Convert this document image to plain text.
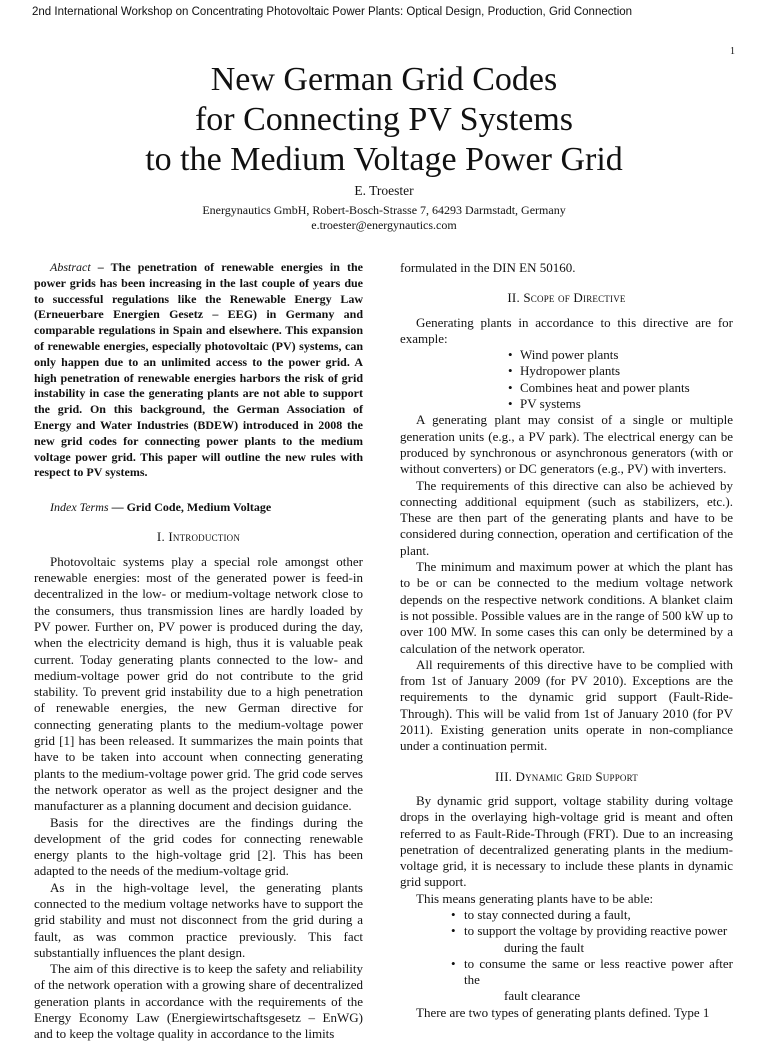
2nd International Workshop on Concentrating Photovoltaic Power Plants: Optical Design, Production, Grid Connection
1
New German Grid Codes
for Connecting PV Systems
to the Medium Voltage Power Grid
E. Troester
Energynautics GmbH, Robert-Bosch-Strasse 7, 64293 Darmstadt, Germany
e.troester@energynautics.com

Abstract – The penetration of renewable energies in the power grids has been increasing in the last couple of years due to successful regulations like the Renewable Energy Law (Erneuerbare Energien Gesetz – EEG) in Germany and comparable regulations in Spain and elsewhere. This expansion of renewable energies, especially photovoltaic (PV) systems, can only happen due to an unlimited access to the power grid. A high penetration of renewable energies harbors the risk of grid instability in case the generating plants are not able to support the grid. On this background, the German Association of Energy and Water Industries (BDEW) introduced in 2008 the new grid codes for connecting power plants to the medium voltage power grid. This paper will outline the new rules with respect to PV systems.

Index Terms — Grid Code, Medium Voltage

I. Introduction

Photovoltaic systems play a special role amongst other renewable energies: most of the generated power is feed-in decentralized in the low- or medium-voltage network close to the consumers, thus transmission lines are hardly loaded by PV power. Further on, PV power is produced during the day, when the electricity demand is high, thus it is valuable peak current. Today generating plants connected to the low- and medium-voltage power grid do not contribute to the grid stability. To prevent grid instability due to a high penetration of renewable energies, the new German directive for connecting generating plants to the medium-voltage power grid [1] has been released. It summarizes the main points that have to be taken into account when connecting generating plants to the medium-voltage power grid. The grid code serves the network operator as well as the project designer and the manufacturer as a planning document and decision guidance.

Basis for the directives are the findings during the development of the grid codes for connecting renewable energy plants to the high-voltage grid [2]. This has been adapted to the needs of the medium-voltage grid.

As in the high-voltage level, the generating plants connected to the medium voltage networks have to support the grid stability and must not disconnect from the grid during a fault, as was common practice previously. This fact substantially influences the plant design.

The aim of this directive is to keep the safety and reliability of the network operation with a growing share of decentralized generation plants in accordance with the requirements of the Energy Economy Law (Energiewirtschaftsgesetz – EnWG) and to keep the voltage quality in accordance to the limits

formulated in the DIN EN 50160.

II. Scope of Directive

Generating plants in accordance to this directive are for example:

• Wind power plants
• Hydropower plants
• Combines heat and power plants
• PV systems

A generating plant may consist of a single or multiple generation units (e.g., a PV park). The electrical energy can be produced by synchronous or asynchronous generators (with or without converters) or DC generators (e.g., PV) with inverters.

The requirements of this directive can also be achieved by connecting additional equipment (such as stabilizers, etc.). These are then part of the generating plants and have to be considered during connection, operation and certification of the plant.

The minimum and maximum power at which the plant has to be or can be connected to the medium voltage network depends on the respective network conditions. A blanket claim is not possible. Possible values are in the range of 500 kW up to over 100 MW. In some cases this can only be determined by a calculation of the network operator.

All requirements of this directive have to be complied with from 1st of January 2009 (for PV 2010). Exceptions are the requirements to the dynamic grid support (Fault-Ride-Through). This will be valid from 1st of January 2010 (for PV 2011). Existing generation units operate in non-compliance under a continuation permit.

III. Dynamic Grid Support

By dynamic grid support, voltage stability during voltage drops in the overlaying high-voltage grid is meant and often referred to as Fault-Ride-Through (FRT). Due to an increasing penetration of decentralized generating plants in the medium-voltage grid, it is necessary to include these plants in dynamic grid support.

This means generating plants have to be able:

• to stay connected during a fault,
• to support the voltage by providing reactive power
during the fault
• to consume the same or less reactive power after the
fault clearance

There are two types of generating plants defined. Type 1
